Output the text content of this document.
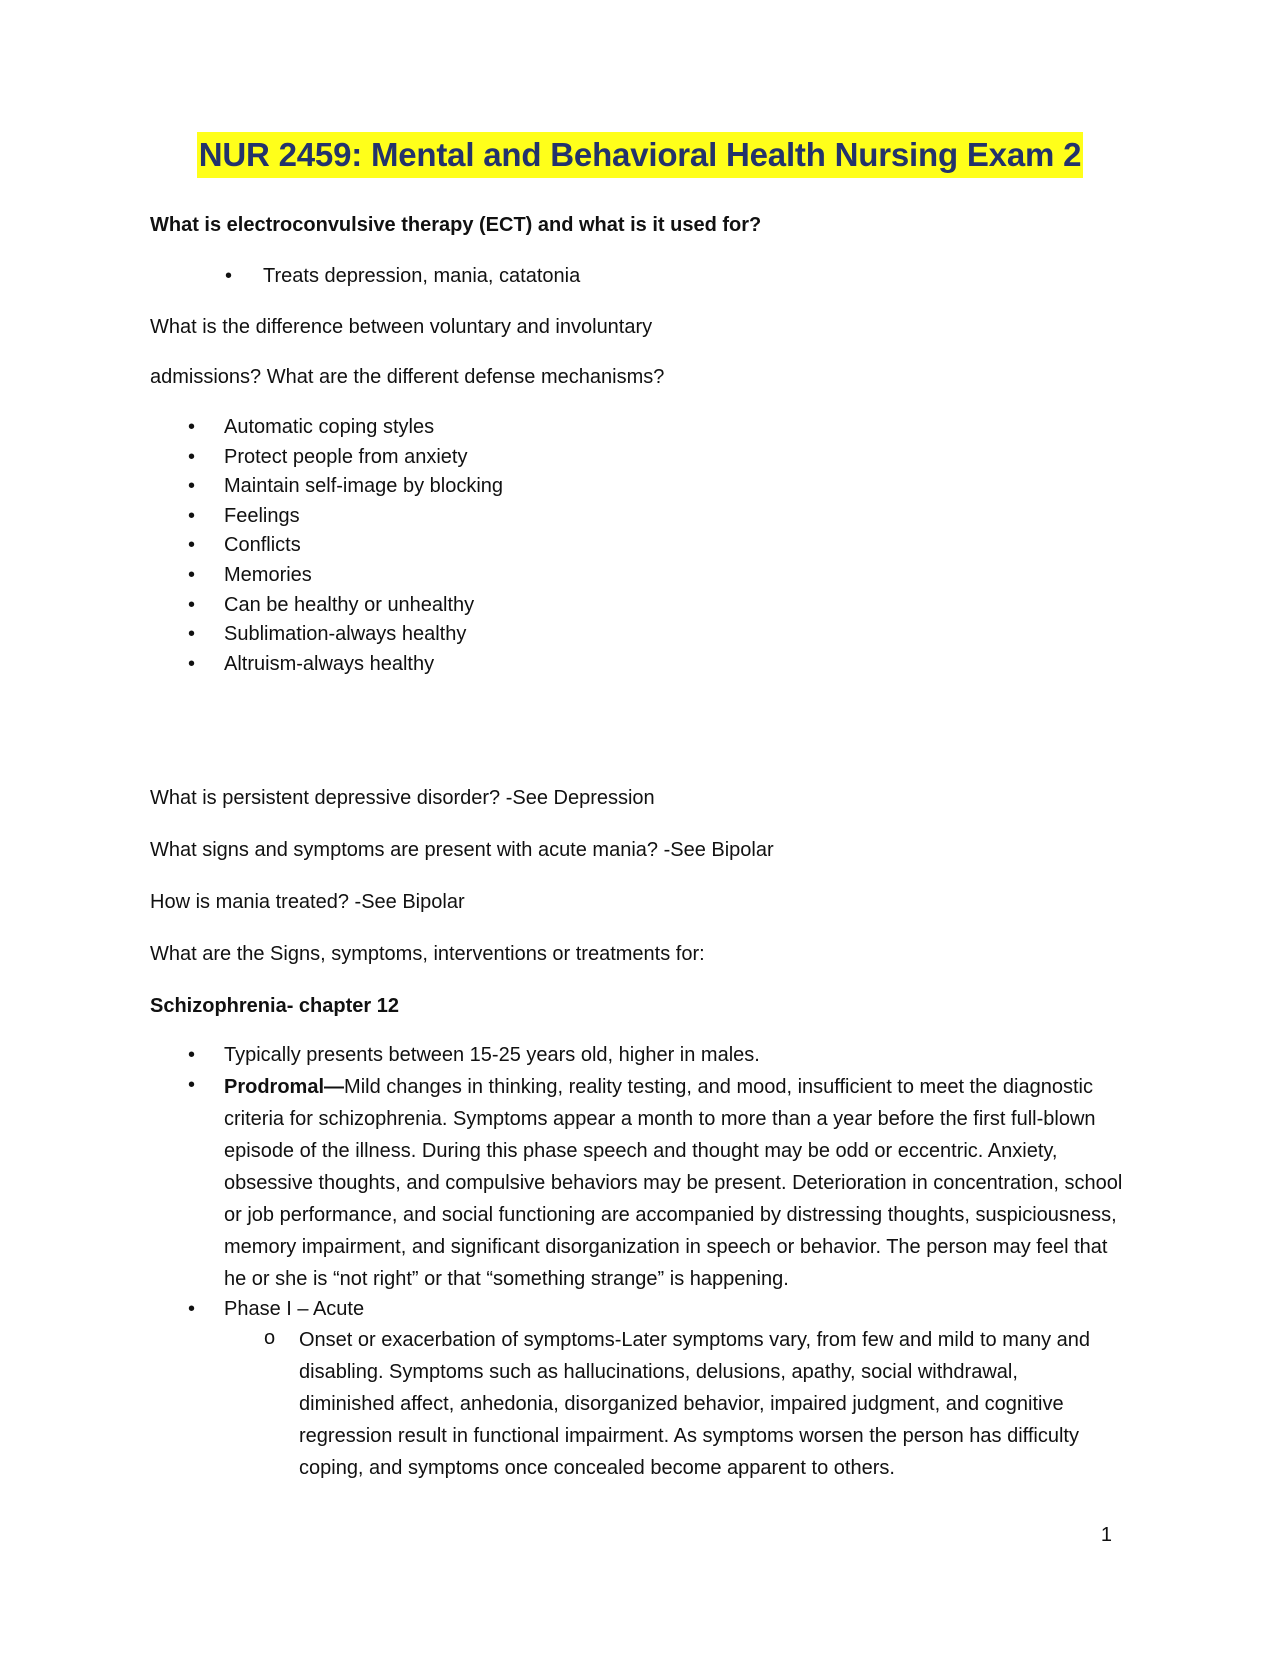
NUR 2459: Mental and Behavioral Health Nursing Exam 2
What is electroconvulsive therapy (ECT) and what is it used for?
• Treats depression, mania, catatonia
What is the difference between voluntary and involuntary
admissions? What are the different defense mechanisms?
• Automatic coping styles
• Protect people from anxiety
• Maintain self-image by blocking
• Feelings
• Conflicts
• Memories
• Can be healthy or unhealthy
• Sublimation-always healthy
• Altruism-always healthy
What is persistent depressive disorder? -See Depression
What signs and symptoms are present with acute mania? -See Bipolar
How is mania treated? -See Bipolar
What are the Signs, symptoms, interventions or treatments for:
Schizophrenia- chapter 12
• Typically presents between 15-25 years old, higher in males.
• Prodromal—Mild changes in thinking, reality testing, and mood, insufficient to meet the diagnostic criteria for schizophrenia. Symptoms appear a month to more than a year before the first full-blown episode of the illness. During this phase speech and thought may be odd or eccentric. Anxiety, obsessive thoughts, and compulsive behaviors may be present. Deterioration in concentration, school or job performance, and social functioning are accompanied by distressing thoughts, suspiciousness, memory impairment, and significant disorganization in speech or behavior. The person may feel that he or she is “not right” or that “something strange” is happening.
• Phase I – Acute
o Onset or exacerbation of symptoms-Later symptoms vary, from few and mild to many and disabling. Symptoms such as hallucinations, delusions, apathy, social withdrawal, diminished affect, anhedonia, disorganized behavior, impaired judgment, and cognitive regression result in functional impairment. As symptoms worsen the person has difficulty coping, and symptoms once concealed become apparent to others.
1
